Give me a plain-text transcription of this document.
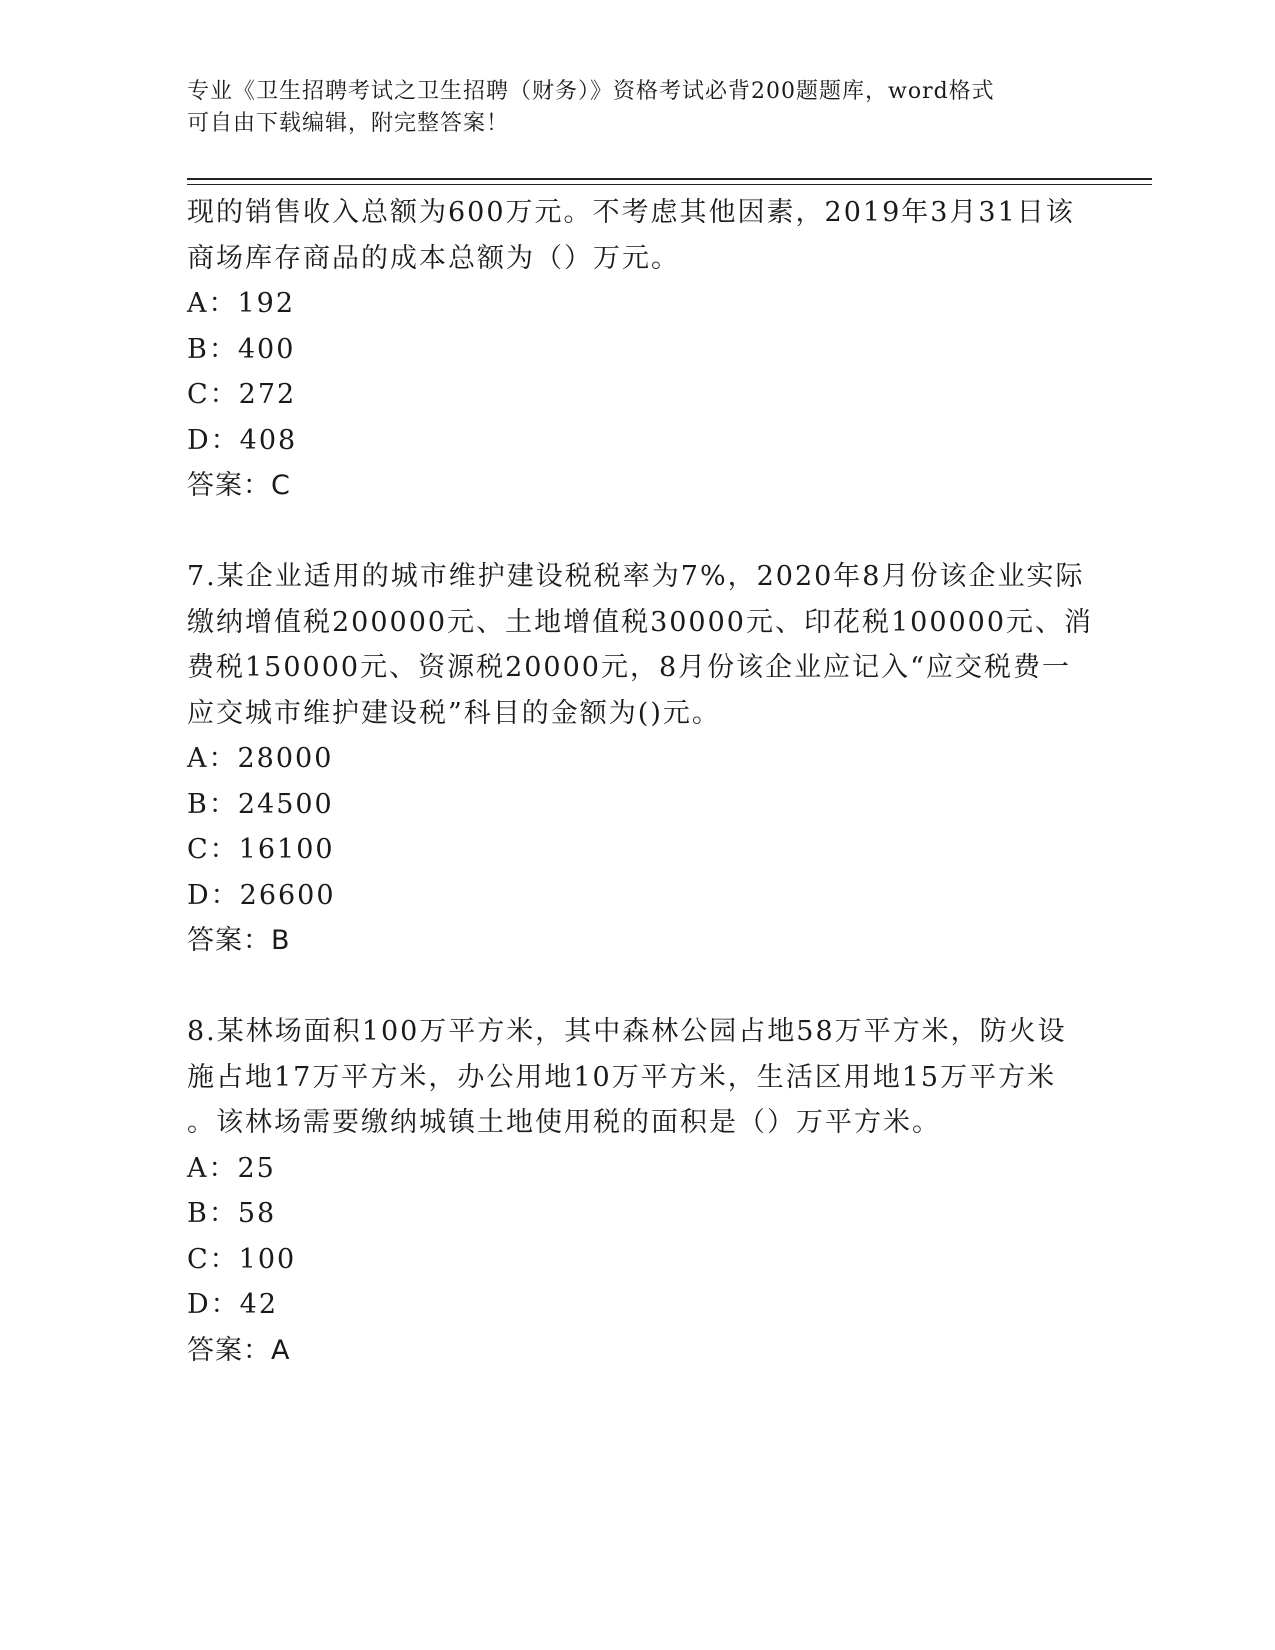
专业《卫生招聘考试之卫生招聘（财务）》资格考试必背200题题库，word格式
可自由下载编辑，附完整答案！
现的销售收入总额为600万元。不考虑其他因素，2019年3月31日该
商场库存商品的成本总额为（）万元。
A：192
B：400
C：272
D：408
答案：C
7.某企业适用的城市维护建设税税率为7%，2020年8月份该企业实际
缴纳增值税200000元、土地增值税30000元、印花税100000元、消
费税150000元、资源税20000元，8月份该企业应记入“应交税费一
应交城市维护建设税”科目的金额为()元。
A：28000
B：24500
C：16100
D：26600
答案：B
8.某林场面积100万平方米，其中森林公园占地58万平方米，防火设
施占地17万平方米，办公用地10万平方米，生活区用地15万平方米
。该林场需要缴纳城镇土地使用税的面积是（）万平方米。
A：25
B：58
C：100
D：42
答案：A
